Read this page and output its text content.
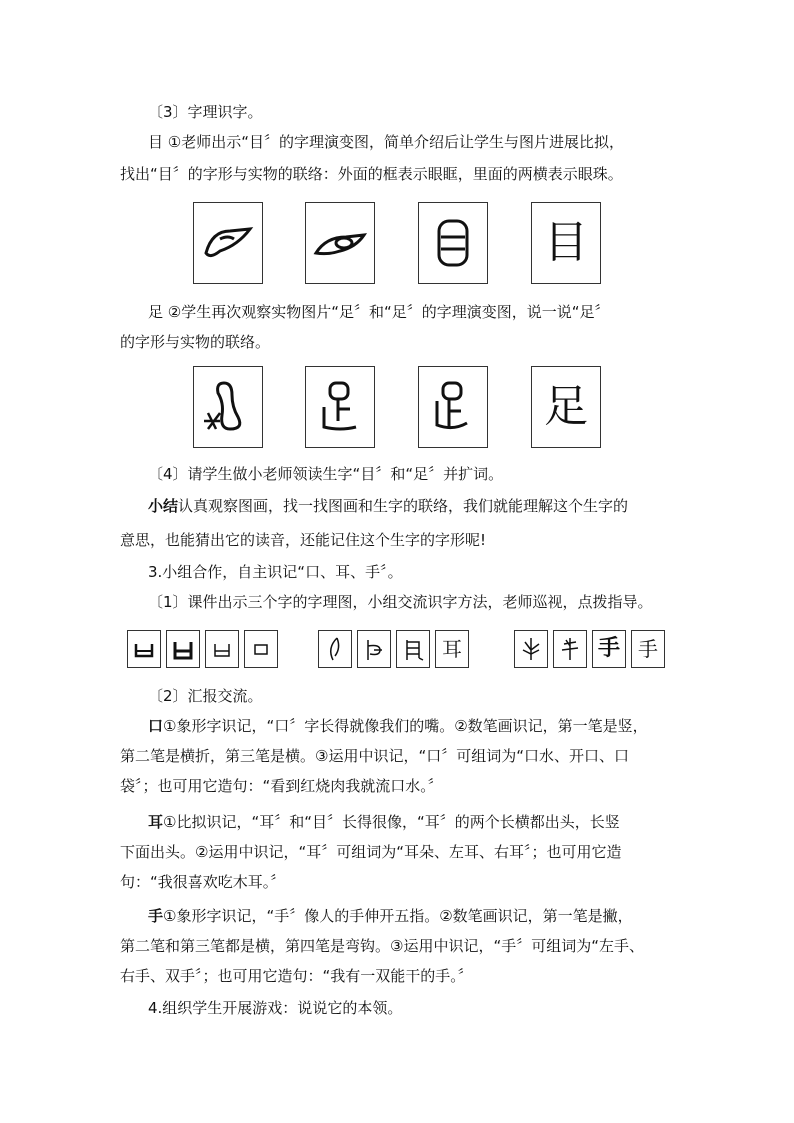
〔3〕字理识字。
目 ①老师出示“目〞的字理演变图，简单介绍后让学生与图片进展比拟，
找出“目〞的字形与实物的联络：外面的框表示眼眶，里面的两横表示眼珠。
目
足 ②学生再次观察实物图片“足〞和“足〞的字理演变图，说一说“足〞
的字形与实物的联络。
足
〔4〕请学生做小老师领读生字“目〞和“足〞并扩词。
小结认真观察图画，找一找图画和生字的联络，我们就能理解这个生字的
意思，也能猜出它的读音，还能记住这个生字的字形呢!
3.小组合作，自主识记“口、耳、手〞。
〔1〕课件出示三个字的字理图，小组交流识字方法，老师巡视，点拨指导。
耳	手 手
〔2〕汇报交流。
口①象形字识记，“口〞字长得就像我们的嘴。②数笔画识记，第一笔是竖，
第二笔是横折，第三笔是横。③运用中识记，“口〞可组词为“口水、开口、口
袋〞；也可用它造句：“看到红烧肉我就流口水。〞
耳①比拟识记，“耳〞和“目〞长得很像，“耳〞的两个长横都出头，长竖
下面出头。②运用中识记，“耳〞可组词为“耳朵、左耳、右耳〞；也可用它造
句：“我很喜欢吃木耳。〞
手①象形字识记，“手〞像人的手伸开五指。②数笔画识记，第一笔是撇，
第二笔和第三笔都是横，第四笔是弯钩。③运用中识记，“手〞可组词为“左手、
右手、双手〞；也可用它造句：“我有一双能干的手。〞
4.组织学生开展游戏：说说它的本领。
